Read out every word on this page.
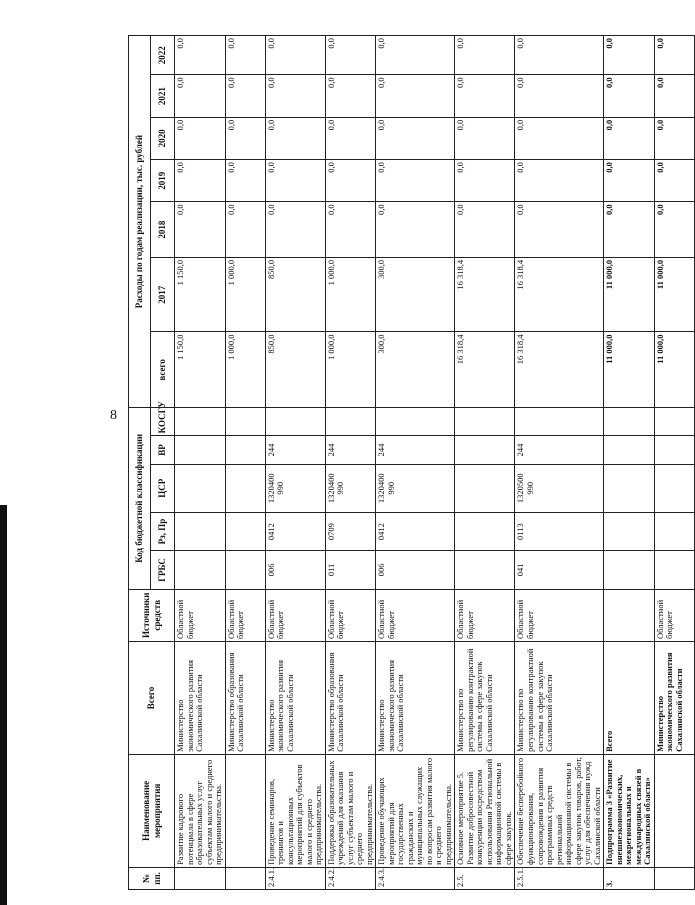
8
№ пп.	Наименование мероприятия	Всего	Источники средств	Код бюджетной классификации					Расходы по годам реализации, тыс. рублей						
				ГРБС	Рз, Пр	ЦСР	ВР	КОСГУ	всего	2017	2018	2019	2020	2021	2022
	Развитие кадрового потенциала в сфере образовательных услуг субъектам малого и среднего предпринимательства.	Министерство экономического развития Сахалинской области	Областной бюджет						1 150,0	1 150,0	0,0	0,0	0,0	0,0	0,0
		Министерство образования Сахалинской области	Областной бюджет						1 000,0	1 000,0	0,0	0,0	0,0	0,0	0,0
2.4.1.	Проведение семинаров, тренингов и консультационных мероприятий для субъектов малого и среднего предпринимательства.	Министерство экономического развития Сахалинской области	Областной бюджет	006	0412	1320400 990	244		850,0	850,0	0,0	0,0	0,0	0,0	0,0
2.4.2.	Поддержка образовательных учреждений для оказания услуг субъектам малого и среднего предпринимательства.	Министерство образования Сахалинской области	Областной бюджет	011	0709	1320400 990	244		1 000,0	1 000,0	0,0	0,0	0,0	0,0	0,0
2.4.3.	Проведение обучающих мероприятий для государственных гражданских и муниципальных служащих по вопросам развития малого и среднего предпринимательства.	Министерство экономического развития Сахалинской области	Областной бюджет	006	0412	1320400 990	244		300,0	300,0	0,0	0,0	0,0	0,0	0,0
2.5.	Основное мероприятие 5. Развитие добросовестной конкуренции посредством использования Региональной информационной системы в сфере закупок.	Министерство по регулированию контрактной системы в сфере закупок Сахалинской области	Областной бюджет						16 318,4	16 318,4	0,0	0,0	0,0	0,0	0,0
2.5.1.	Обеспечение бесперебойного функционирования, сопровождения и развития программных средств региональной информационной системы в сфере закупок товаров, работ, услуг для обеспечения нужд Сахалинской области	Министерство по регулированию контрактной системы в сфере закупок Сахалинской области	Областной бюджет	041	0113	1320500 990	244		16 318,4	16 318,4	0,0	0,0	0,0	0,0	0,0
3.	Подпрограмма 3 «Развитие внешнеэкономических, межрегиональных и международных связей в Сахалинской области»	Всего							11 000,0	11 000,0	0,0	0,0	0,0	0,0	0,0
		Министерство экономического развития Сахалинской области	Областной бюджет						11 000,0	11 000,0	0,0	0,0	0,0	0,0	0,0
